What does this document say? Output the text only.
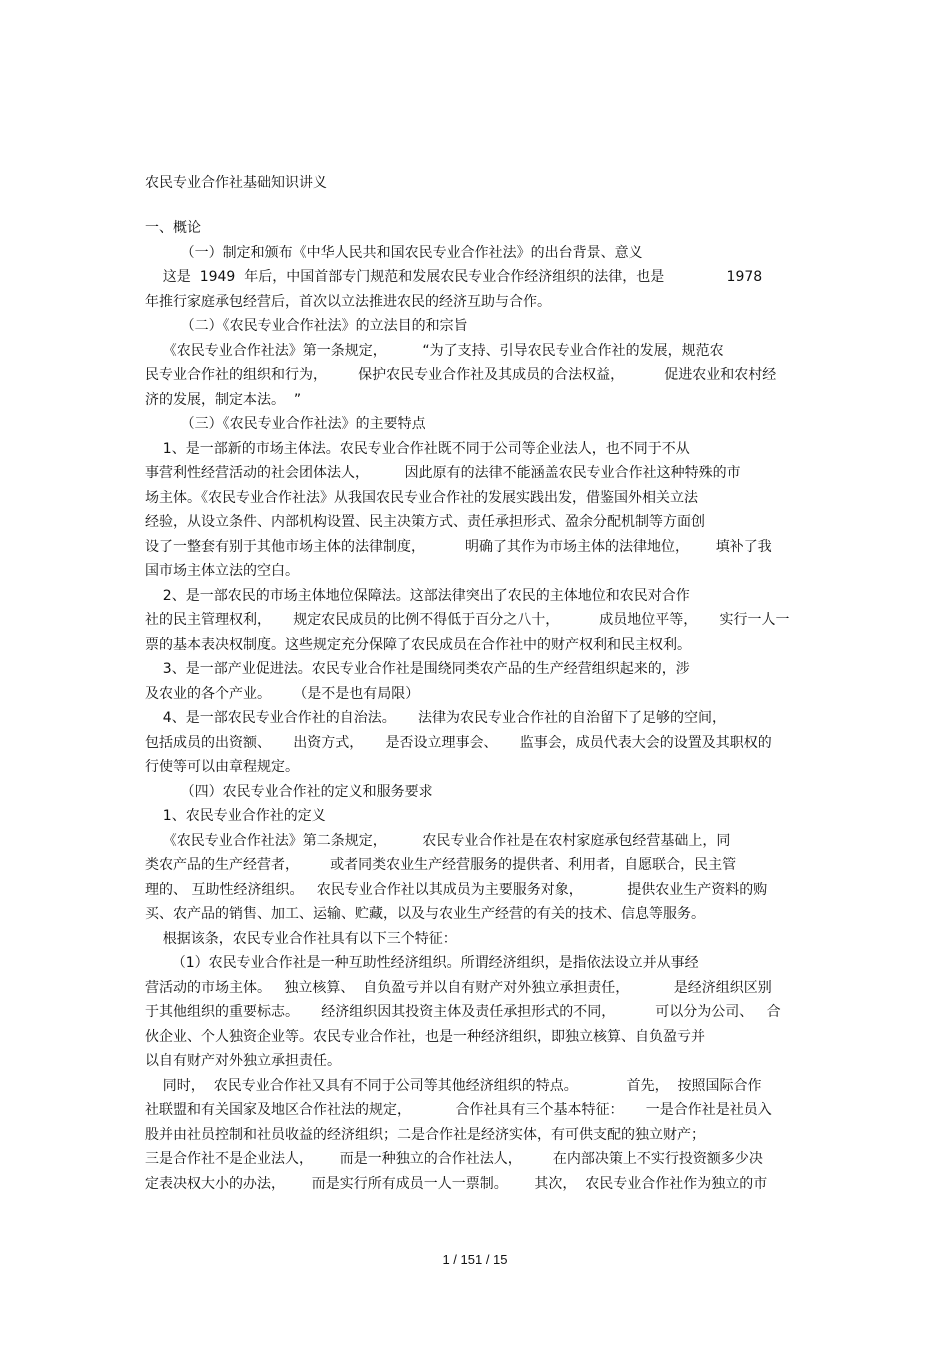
农民专业合作社基础知识讲义
一、概论
（一）制定和颁布《中华人民共和国农民专业合作社法》的出台背景、意义
这是  1949  年后，中国首部专门规范和发展农民专业合作经济组织的法律，也是              1978
年推行家庭承包经营后，首次以立法推进农民的经济互助与合作。
（二）《农民专业合作社法》的立法目的和宗旨
《农民专业合作社法》第一条规定，        “为了支持、引导农民专业合作社的发展，规范农
民专业合作社的组织和行为，       保护农民专业合作社及其成员的合法权益，         促进农业和农村经
济的发展，制定本法。  ”
（三）《农民专业合作社法》的主要特点
1、是一部新的市场主体法。农民专业合作社既不同于公司等企业法人，也不同于不从
事营利性经营活动的社会团体法人，        因此原有的法律不能涵盖农民专业合作社这种特殊的市
场主体。《农民专业合作社法》从我国农民专业合作社的发展实践出发，借鉴国外相关立法
经验，从设立条件、内部机构设置、民主决策方式、责任承担形式、盈余分配机制等方面创
设了一整套有别于其他市场主体的法律制度，         明确了其作为市场主体的法律地位，      填补了我
国市场主体立法的空白。
2、是一部农民的市场主体地位保障法。这部法律突出了农民的主体地位和农民对合作
社的民主管理权利，     规定农民成员的比例不得低于百分之八十，         成员地位平等，     实行一人一
票的基本表决权制度。这些规定充分保障了农民成员在合作社中的财产权利和民主权利。
3、是一部产业促进法。农民专业合作社是围绕同类农产品的生产经营组织起来的，涉
及农业的各个产业。     （是不是也有局限）
4、是一部农民专业合作社的自治法。     法律为农民专业合作社的自治留下了足够的空间，
包括成员的出资额、     出资方式，     是否设立理事会、     监事会，成员代表大会的设置及其职权的
行使等可以由章程规定。
（四）农民专业合作社的定义和服务要求
1、农民专业合作社的定义
《农民专业合作社法》第二条规定，        农民专业合作社是在农村家庭承包经营基础上，同
类农产品的生产经营者，       或者同类农业生产经营服务的提供者、利用者，自愿联合，民主管
理的、 互助性经济组织。   农民专业合作社以其成员为主要服务对象，          提供农业生产资料的购
买、农产品的销售、加工、运输、贮藏，以及与农业生产经营的有关的技术、信息等服务。
根据该条，农民专业合作社具有以下三个特征：
（1）农民专业合作社是一种互助性经济组织。所谓经济组织，是指依法设立并从事经
营活动的市场主体。   独立核算、  自负盈亏并以自有财产对外独立承担责任，          是经济组织区别
于其他组织的重要标志。     经济组织因其投资主体及责任承担形式的不同，         可以分为公司、   合
伙企业、个人独资企业等。农民专业合作社，也是一种经济组织，即独立核算、自负盈亏并
以自有财产对外独立承担责任。
同时，  农民专业合作社又具有不同于公司等其他经济组织的特点。           首先，  按照国际合作
社联盟和有关国家及地区合作社法的规定，          合作社具有三个基本特征：     一是合作社是社员入
股并由社员控制和社员收益的经济组织；二是合作社是经济实体，有可供支配的独立财产；
三是合作社不是企业法人，      而是一种独立的合作社法人，       在内部决策上不实行投资额多少决
定表决权大小的办法，      而是实行所有成员一人一票制。      其次，  农民专业合作社作为独立的市
1 / 151 / 15
